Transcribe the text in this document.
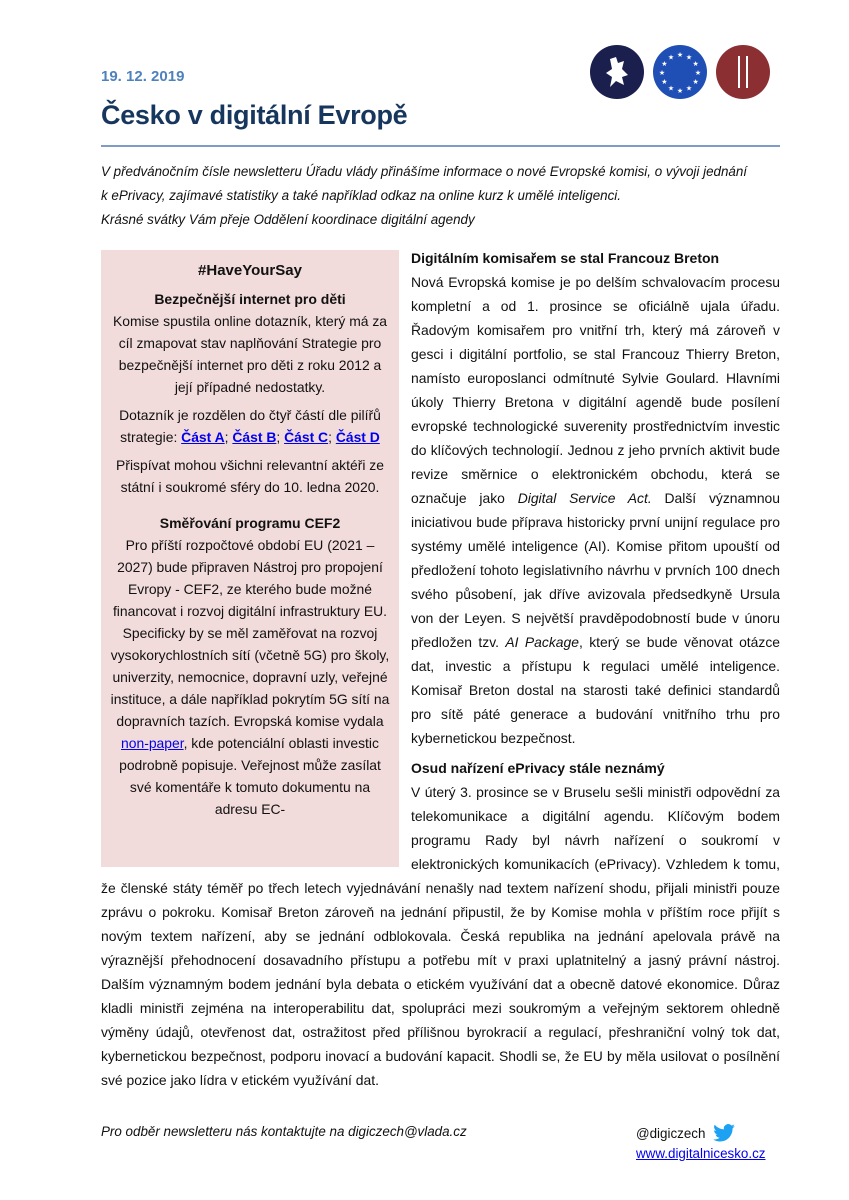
19. 12. 2019
Česko v digitální Evropě
★
★
★
★
★
★
★
★
★ ★ ★
★
V předvánočním čísle newsletteru Úřadu vlády přinášíme informace o nové Evropské komisi, o vývoji jednání
k ePrivacy, zajímavé statistiky a také například odkaz na online kurz k umělé inteligenci.
Krásné svátky Vám přeje Oddělení koordinace digitální agendy
#HaveYourSay
Bezpečnější internet pro děti

Komise spustila online dotazník, který má za cíl zmapovat stav naplňování Strategie pro bezpečnější internet pro děti z roku 2012 a její případné nedostatky.

Dotazník je rozdělen do čtyř částí dle pilířů strategie: Část A; Část B; Část C; Část D

Přispívat mohou všichni relevantní aktéři ze státní i soukromé sféry do 10. ledna 2020.

Směřování programu CEF2

Pro příští rozpočtové období EU (2021 – 2027) bude připraven Nástroj pro propojení Evropy - CEF2, ze kterého bude možné financovat i rozvoj digitální infrastruktury EU. Specificky by se měl zaměřovat na rozvoj vysokorychlostních sítí (včetně 5G) pro školy, univerzity, nemocnice, dopravní uzly, veřejné instituce, a dále například pokrytím 5G sítí na dopravních tazích. Evropská komise vydala non-paper, kde potenciální oblasti investic podrobně popisuje. Veřejnost může zasílat své komentáře k tomuto dokumentu na adresu EC-

Digitálním komisařem se stal Francouz Breton

Nová Evropská komise je po delším schvalovacím procesu kompletní a od 1. prosince se oficiálně ujala úřadu. Řadovým komisařem pro vnitřní trh, který má zároveň v gesci i digitální portfolio, se stal Francouz Thierry Breton, namísto europoslanci odmítnuté Sylvie Goulard. Hlavními úkoly Thierry Bretona v digitální agendě bude posílení evropské technologické suverenity prostřednictvím investic do klíčových technologií. Jednou z jeho prvních aktivit bude revize směrnice o elektronickém obchodu, která se označuje jako Digital Service Act. Další významnou iniciativou bude příprava historicky první unijní regulace pro systémy umělé inteligence (AI). Komise přitom upouští od předložení tohoto legislativního návrhu v prvních 100 dnech svého působení, jak dříve avizovala předsedkyně Ursula von der Leyen. S největší pravděpodobností bude v únoru předložen tzv. AI Package, který se bude věnovat otázce dat, investic a přístupu k regulaci umělé inteligence. Komisař Breton dostal na starosti také definici standardů pro sítě páté generace a budování vnitřního trhu pro kybernetickou bezpečnost.

Osud nařízení ePrivacy stále neznámý

V úterý 3. prosince se v Bruselu sešli ministři odpovědní za telekomunikace a digitální agendu. Klíčovým bodem programu Rady byl návrh nařízení o soukromí v elektronických komunikacích (ePrivacy). Vzhledem k tomu, že členské státy téměř po třech letech vyjednávání nenašly nad textem nařízení shodu, přijali ministři pouze zprávu o pokroku. Komisař Breton zároveň na jednání připustil, že by Komise mohla v příštím roce přijít s novým textem nařízení, aby se jednání odblokovala. Česká republika na jednání apelovala právě na výraznější přehodnocení dosavadního přístupu a potřebu mít v praxi uplatnitelný a jasný právní nástroj. Dalším významným bodem jednání byla debata o etickém využívání dat a obecně datové ekonomice. Důraz kladli ministři zejména na interoperabilitu dat, spolupráci mezi soukromým a veřejným sektorem ohledně výměny údajů, otevřenost dat, ostražitost před přílišnou byrokracií a regulací, přeshraniční volný tok dat, kybernetickou bezpečnost, podporu inovací a budování kapacit. Shodli se, že EU by měla usilovat o posílnění své pozice jako lídra v etickém využívání dat.

Pro odběr newsletteru nás kontaktujte na digiczech@vlada.cz	@digiczech
www.digitalnicesko.cz
